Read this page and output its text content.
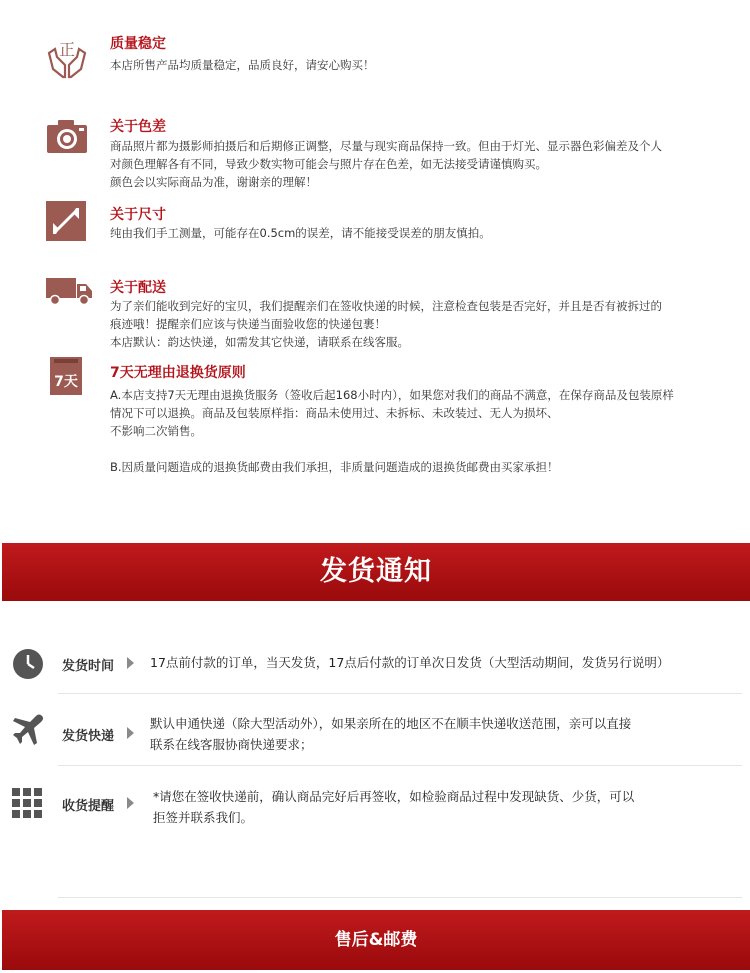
正 质量稳定

本店所售产品均质量稳定，品质良好，请安心购买！

关于色差

商品照片都为摄影师拍摄后和后期修正调整，尽量与现实商品保持一致。但由于灯光、显示器色彩偏差及个人

对颜色理解各有不同，导致少数实物可能会与照片存在色差，如无法接受请谨慎购买。

颜色会以实际商品为准，谢谢亲的理解！

关于尺寸

纯由我们手工测量，可能存在0.5cm的误差，请不能接受误差的朋友慎拍。

关于配送

为了亲们能收到完好的宝贝，我们提醒亲们在签收快递的时候，注意检查包装是否完好，并且是否有被拆过的

痕迹哦！提醒亲们应该与快递当面验收您的快递包裹！

本店默认：韵达快递，如需发其它快递，请联系在线客服。

7天
7天无理由退换货原则

A.本店支持7天无理由退换货服务（签收后起168小时内），如果您对我们的商品不满意，在保存商品及包装原样

情况下可以退换。商品及包装原样指：商品未使用过、未拆标、未改装过、无人为损坏、

不影响二次销售。

B.因质量问题造成的退换货邮费由我们承担，非质量问题造成的退换货邮费由买家承担！

发货通知
发货时间	17点前付款的订单，当天发货，17点后付款的订单次日发货（大型活动期间，发货另行说明）

发货快递

默认申通快递（除大型活动外），如果亲所在的地区不在顺丰快递收送范围，亲可以直接

联系在线客服协商快递要求；

收货提醒

*请您在签收快递前，确认商品完好后再签收，如检验商品过程中发现缺货、少货，可以

拒签并联系我们。

售后&邮费
